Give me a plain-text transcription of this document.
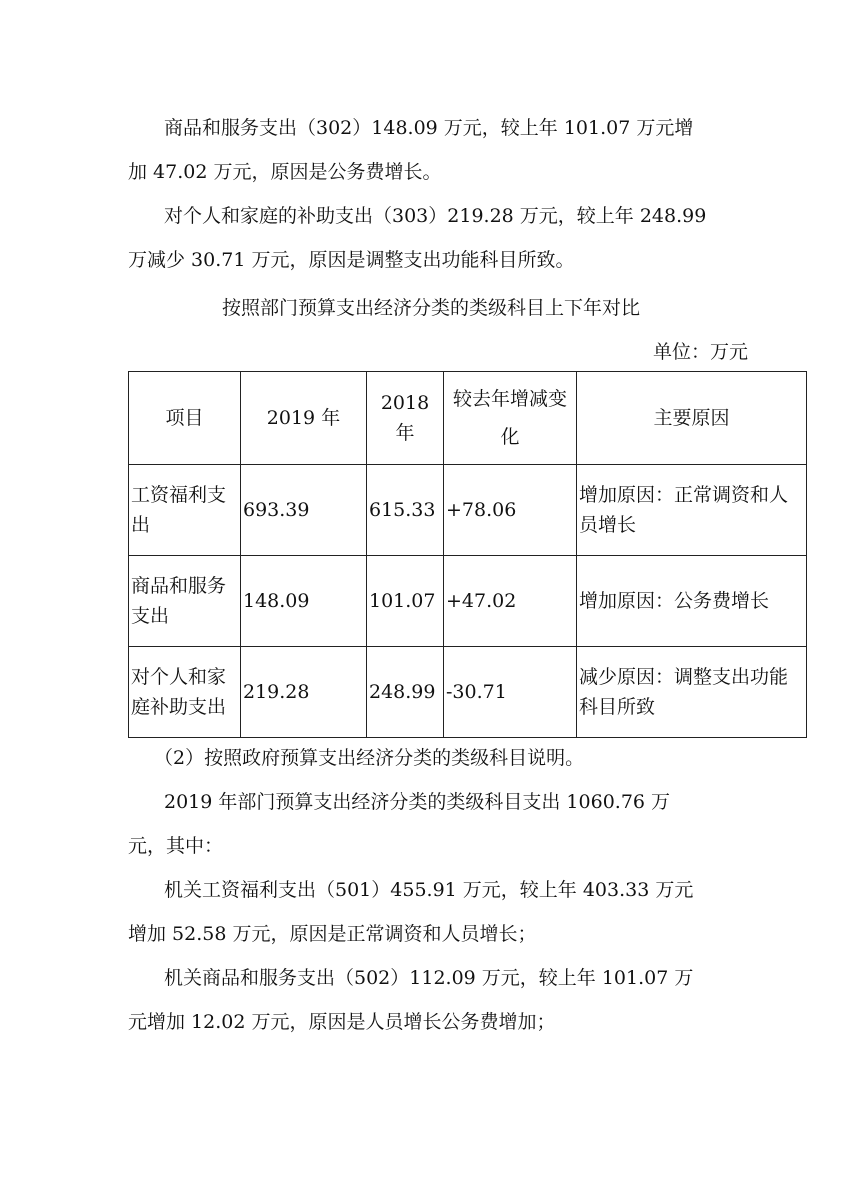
商品和服务支出（302）148.09 万元，较上年 101.07 万元增
加 47.02 万元，原因是公务费增长。

对个人和家庭的补助支出（303）219.28 万元，较上年 248.99
万减少 30.71 万元，原因是调整支出功能科目所致。

按照部门预算支出经济分类的类级科目上下年对比

单位：万元

项目	2019 年	2018 年	较去年增减变化	主要原因
工资福利支出	693.39	615.33	+78.06	增加原因：正常调资和人员增长
商品和服务支出	148.09	101.07	+47.02	增加原因：公务费增长
对个人和家庭补助支出	219.28	248.99	-30.71	减少原因：调整支出功能科目所致

（2）按照政府预算支出经济分类的类级科目说明。

2019 年部门预算支出经济分类的类级科目支出 1060.76 万
元，其中：

机关工资福利支出（501）455.91 万元，较上年 403.33 万元
增加 52.58 万元，原因是正常调资和人员增长；

机关商品和服务支出（502）112.09 万元，较上年 101.07 万
元增加 12.02 万元，原因是人员增长公务费增加；
